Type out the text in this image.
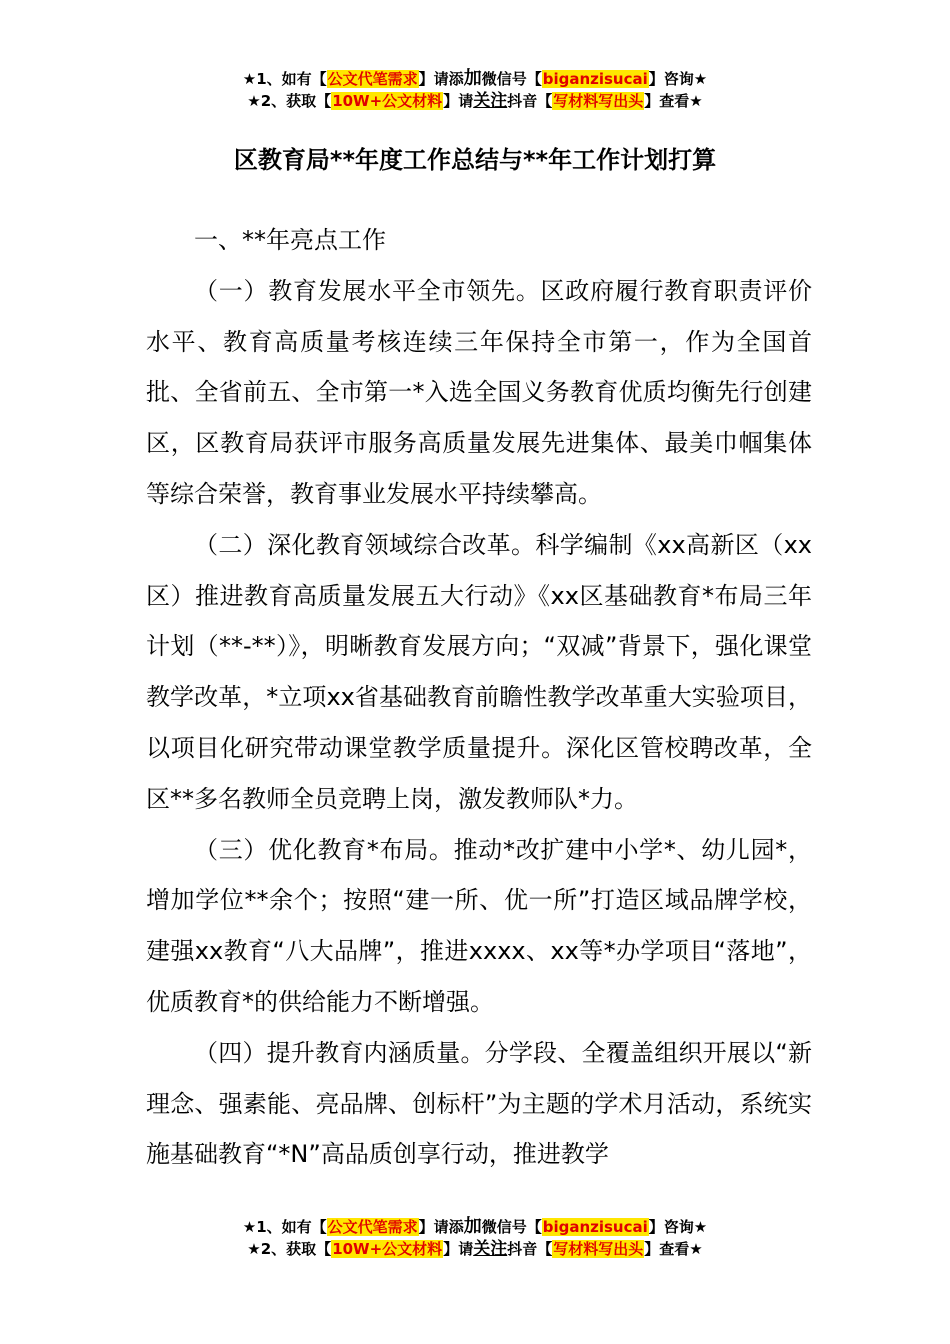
★1、如有【公文代笔需求】请添加微信号【biganzisucai】咨询★
★2、获取【10W+公文材料】请关注抖音【写材料写出头】查看★
区教育局**年度工作总结与**年工作计划打算

一、**年亮点工作

（一）教育发展水平全市领先。区政府履行教育职责评价水平、教育高质量考核连续三年保持全市第一，作为全国首批、全省前五、全市第一*入选全国义务教育优质均衡先行创建区，区教育局获评市服务高质量发展先进集体、最美巾帼集体等综合荣誉，教育事业发展水平持续攀高。

（二）深化教育领域综合改革。科学编制《xx高新区（xx区）推进教育高质量发展五大行动》《xx区基础教育*布局三年计划（**-**）》，明晰教育发展方向；“双减”背景下，强化课堂教学改革，*立项xx省基础教育前瞻性教学改革重大实验项目，以项目化研究带动课堂教学质量提升。深化区管校聘改革，全区**多名教师全员竞聘上岗，激发教师队*力。

（三）优化教育*布局。推动*改扩建中小学*、幼儿园*，增加学位**余个；按照“建一所、优一所”打造区域品牌学校，建强xx教育“八大品牌”，推进xxxx、xx等*办学项目“落地”，优质教育*的供给能力不断增强。

（四）提升教育内涵质量。分学段、全覆盖组织开展以“新理念、强素能、亮品牌、创标杆”为主题的学术月活动，系统实施基础教育“*N”高品质创享行动，推进教学

★1、如有【公文代笔需求】请添加微信号【biganzisucai】咨询★
★2、获取【10W+公文材料】请关注抖音【写材料写出头】查看★
